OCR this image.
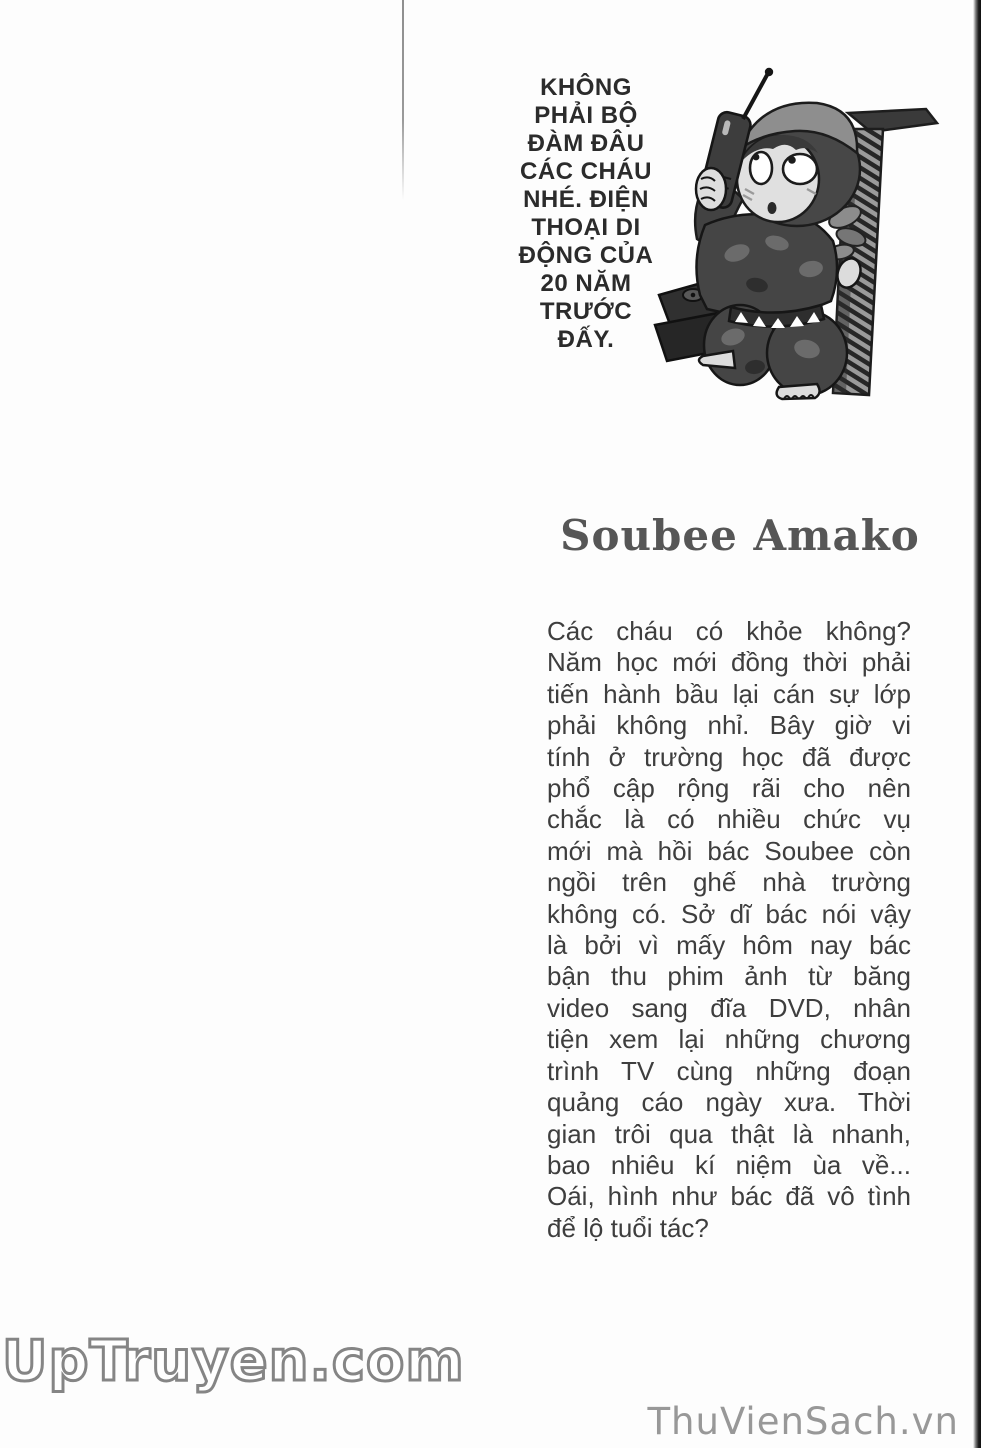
KHÔNG
PHẢI BỘ
ĐÀM ĐÂU
CÁC CHÁU
NHÉ. ĐIỆN
THOẠI DI
ĐỘNG CỦA
20 NĂM
TRƯỚC
ĐẤY.
Soubee Amako
Các cháu có khỏe không?
Năm học mới đồng thời phải
tiến hành bầu lại cán sự lớp
phải không nhỉ. Bây giờ vi
tính ở trường học đã được
phổ cập rộng rãi cho nên
chắc là có nhiều chức vụ
mới mà hồi bác Soubee còn
ngồi trên ghế nhà trường
không có. Sở dĩ bác nói vậy
là bởi vì mấy hôm nay bác
bận thu phim ảnh từ băng
video sang đĩa DVD, nhân
tiện xem lại những chương
trình TV cùng những đoạn
quảng cáo ngày xưa. Thời
gian trôi qua thật là nhanh,
bao nhiêu kí niệm ùa về...
Oái, hình như bác đã vô tình
để lộ tuổi tác?
UpTruyen.com
ThuVienSach.vn
